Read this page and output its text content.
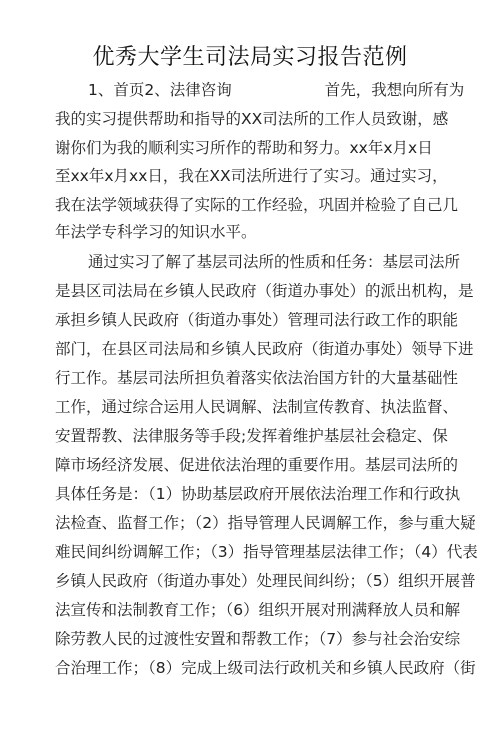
优秀大学生司法局实习报告范例
1、首页2、法律咨询　　　　　　首先，我想向所有为
我的实习提供帮助和指导的XX司法所的工作人员致谢，感
谢你们为我的顺利实习所作的帮助和努力。xx年x月x日
至xx年x月xx日，我在XX司法所进行了实习。通过实习，
我在法学领域获得了实际的工作经验，巩固并检验了自己几
年法学专科学习的知识水平。
通过实习了解了基层司法所的性质和任务：基层司法所
是县区司法局在乡镇人民政府（街道办事处）的派出机构，是
承担乡镇人民政府（街道办事处）管理司法行政工作的职能
部门，在县区司法局和乡镇人民政府（街道办事处）领导下进
行工作。基层司法所担负着落实依法治国方针的大量基础性
工作，通过综合运用人民调解、法制宣传教育、执法监督、
安置帮教、法律服务等手段;发挥着维护基层社会稳定、保
障市场经济发展、促进依法治理的重要作用。基层司法所的
具体任务是：（1）协助基层政府开展依法治理工作和行政执
法检查、监督工作；（2）指导管理人民调解工作，参与重大疑
难民间纠纷调解工作；（3）指导管理基层法律工作；（4）代表
乡镇人民政府（街道办事处）处理民间纠纷；（5）组织开展普
法宣传和法制教育工作；（6）组织开展对刑满释放人员和解
除劳教人民的过渡性安置和帮教工作；（7）参与社会治安综
合治理工作；（8）完成上级司法行政机关和乡镇人民政府（街
